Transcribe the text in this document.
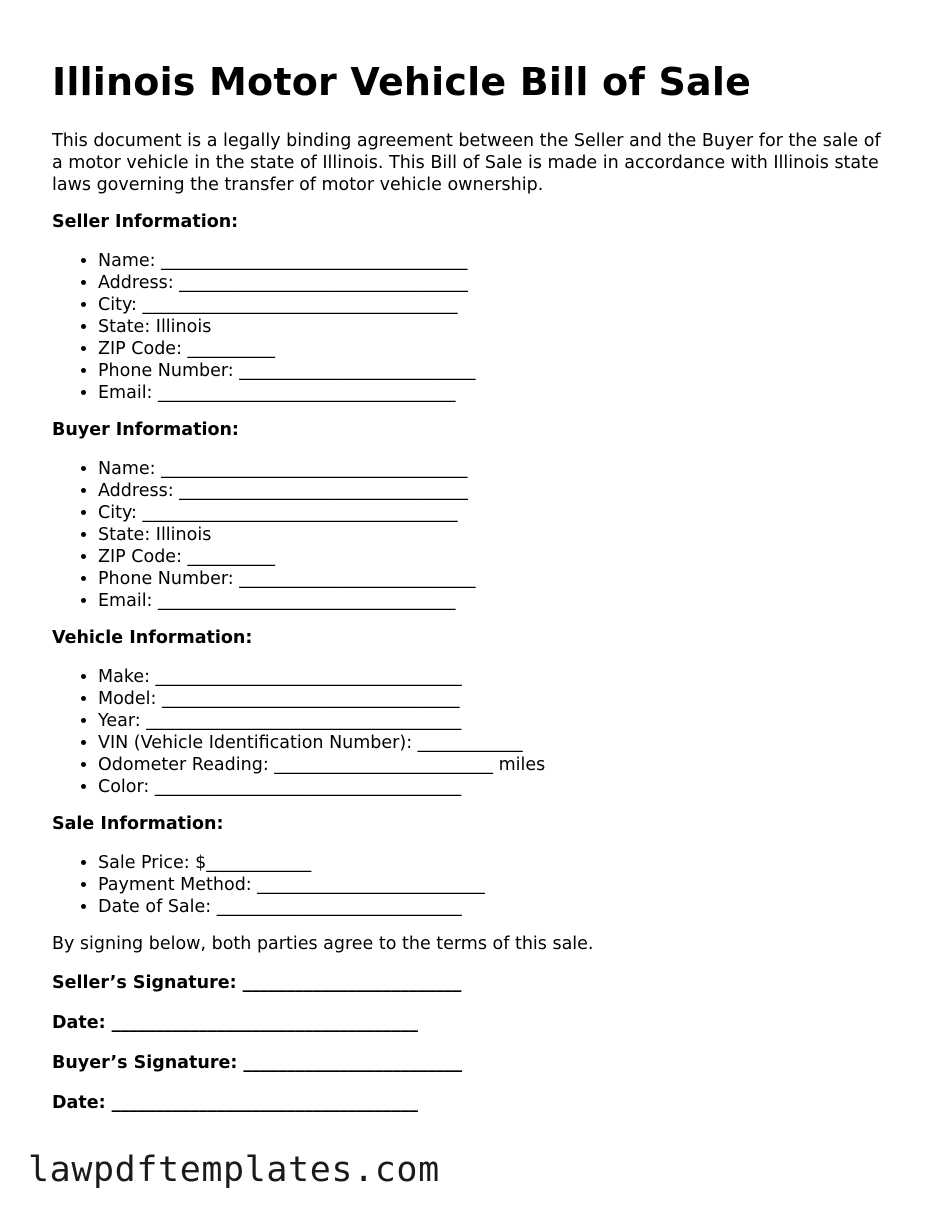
Illinois Motor Vehicle Bill of Sale

This document is a legally binding agreement between the Seller and the Buyer for the sale of a motor vehicle in the state of Illinois. This Bill of Sale is made in accordance with Illinois state laws governing the transfer of motor vehicle ownership.

Seller Information:
• Name: ___________________________________
• Address: _________________________________
• City: ____________________________________
• State: Illinois
• ZIP Code: __________
• Phone Number: ___________________________
• Email: __________________________________
Buyer Information:
• Name: ___________________________________
• Address: _________________________________
• City: ____________________________________
• State: Illinois
• ZIP Code: __________
• Phone Number: ___________________________
• Email: __________________________________
Vehicle Information:
• Make: ___________________________________
• Model: __________________________________
• Year: ____________________________________
• VIN (Vehicle Identification Number): ____________
• Odometer Reading: _________________________ miles
• Color: ___________________________________
Sale Information:
• Sale Price: $____________
• Payment Method: __________________________
• Date of Sale: ____________________________

By signing below, both parties agree to the terms of this sale.

Seller’s Signature: _________________________
Date: ___________________________________
Buyer’s Signature: _________________________
Date: ___________________________________
lawpdftemplates.com
